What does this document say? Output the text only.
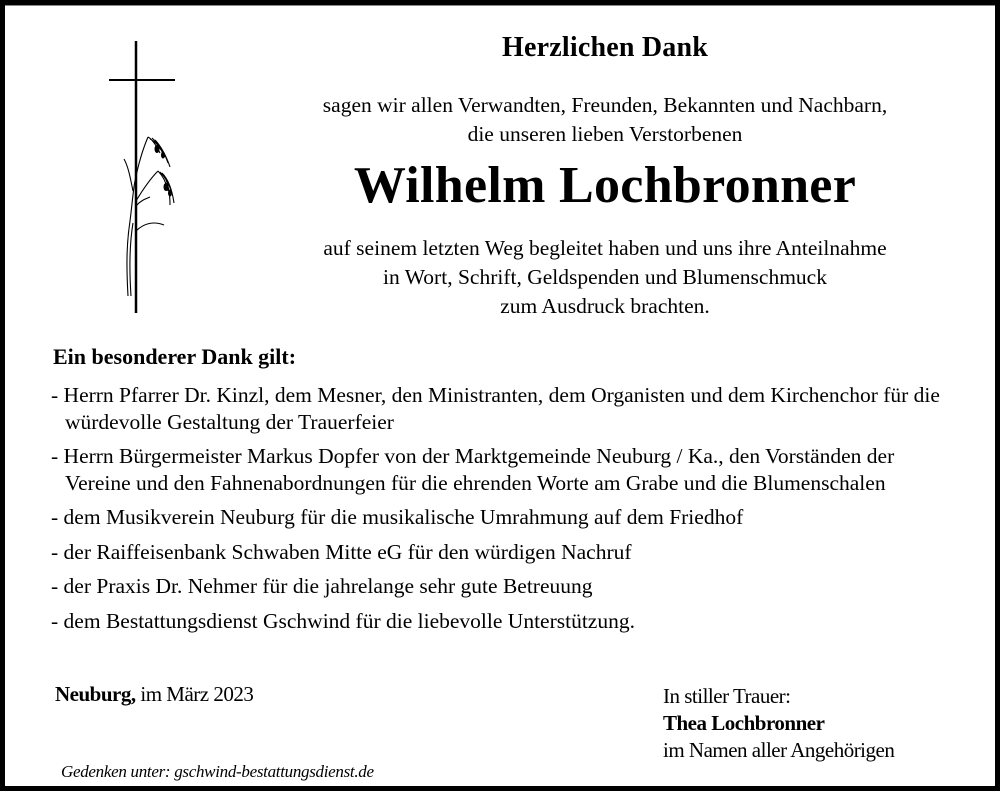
Herzlichen Dank
sagen wir allen Verwandten, Freunden, Bekannten und Nachbarn,
die unseren lieben Verstorbenen
Wilhelm Lochbronner
auf seinem letzten Weg begleitet haben und uns ihre Anteilnahme
in Wort, Schrift, Geldspenden und Blumenschmuck
zum Ausdruck brachten.
Ein besonderer Dank gilt:
- Herrn Pfarrer Dr. Kinzl, dem Mesner, den Ministranten, dem Organisten und dem Kirchenchor für die würdevolle Gestaltung der Trauerfeier
- Herrn Bürgermeister Markus Dopfer von der Marktgemeinde Neuburg / Ka., den Vorständen der Vereine und den Fahnenabordnungen für die ehrenden Worte am Grabe und die Blumenschalen
- dem Musikverein Neuburg für die musikalische Umrahmung auf dem Friedhof
- der Raiffeisenbank Schwaben Mitte eG für den würdigen Nachruf
- der Praxis Dr. Nehmer für die jahrelange sehr gute Betreuung
- dem Bestattungsdienst Gschwind für die liebevolle Unterstützung.
Neuburg, im März 2023	In stiller Trauer:
Thea Lochbronner
im Namen aller Angehörigen
Gedenken unter: gschwind-bestattungsdienst.de
